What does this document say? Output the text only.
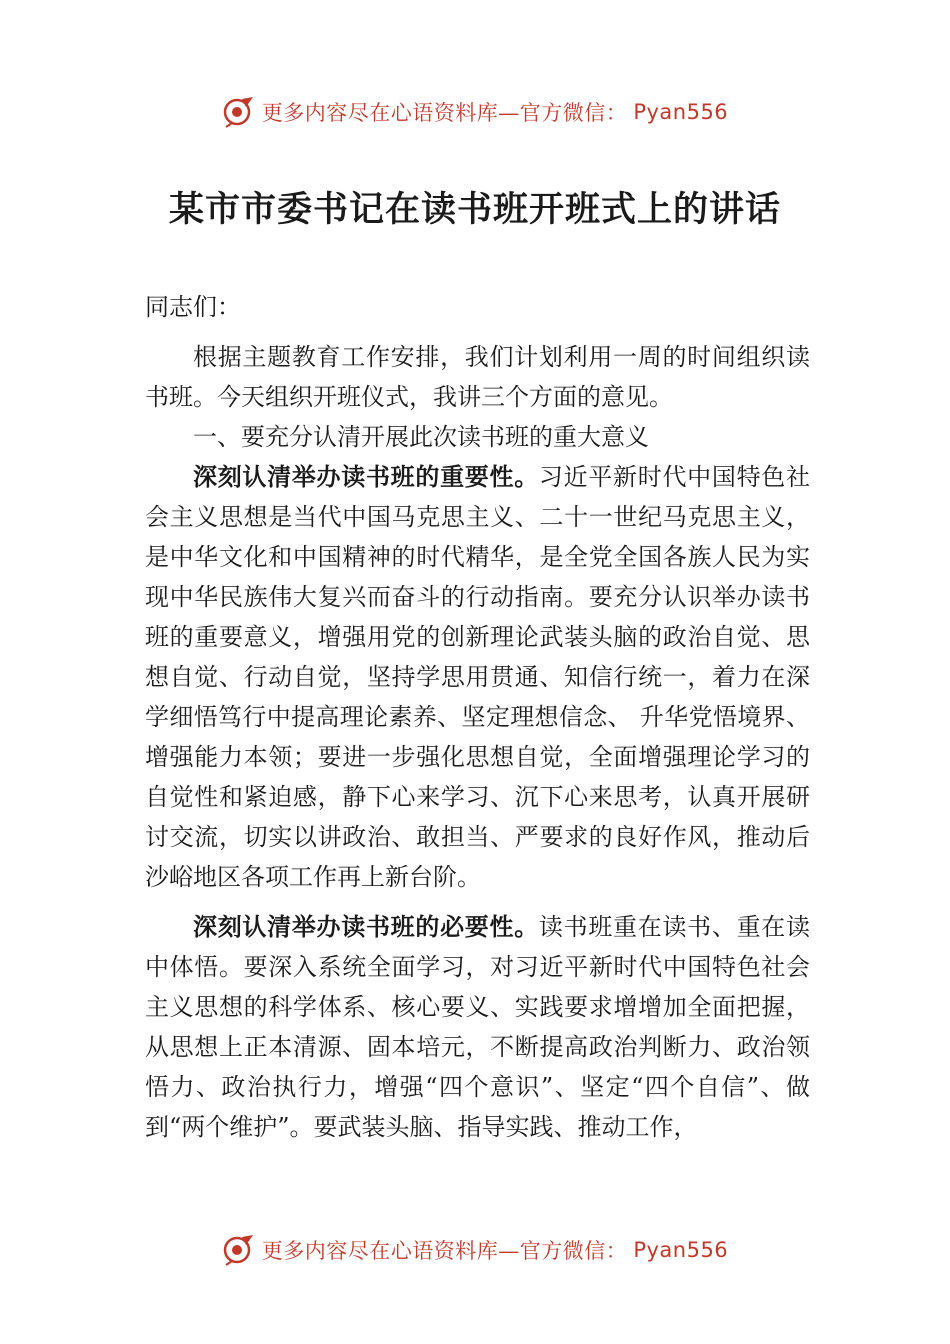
更多内容尽在心语资料库—官方微信： Pyan556
某市市委书记在读书班开班式上的讲话

同志们：

根据主题教育工作安排，我们计划利用一周的时间组织读书班。今天组织开班仪式，我讲三个方面的意见。

一、要充分认清开展此次读书班的重大意义

深刻认清举办读书班的重要性。习近平新时代中国特色社会主义思想是当代中国马克思主义、二十一世纪马克思主义，是中华文化和中国精神的时代精华，是全党全国各族人民为实现中华民族伟大复兴而奋斗的行动指南。要充分认识举办读书班的重要意义，增强用党的创新理论武装头脑的政治自觉、思想自觉、行动自觉，坚持学思用贯通、知信行统一，着力在深学细悟笃行中提高理论素养、坚定理想信念、 升华党悟境界、增强能力本领；要进一步强化思想自觉，全面增强理论学习的自觉性和紧迫感，静下心来学习、沉下心来思考，认真开展研讨交流，切实以讲政治、敢担当、严要求的良好作风，推动后沙峪地区各项工作再上新台阶。

深刻认清举办读书班的必要性。读书班重在读书、重在读中体悟。要深入系统全面学习，对习近平新时代中国特色社会主义思想的科学体系、核心要义、实践要求增增加全面把握，从思想上正本清源、固本培元，不断提高政治判断力、政治领悟力、政治执行力，增强“四个意识”、坚定“四个自信”、做到“两个维护”。要武装头脑、指导实践、推动工作，

更多内容尽在心语资料库—官方微信： Pyan556
